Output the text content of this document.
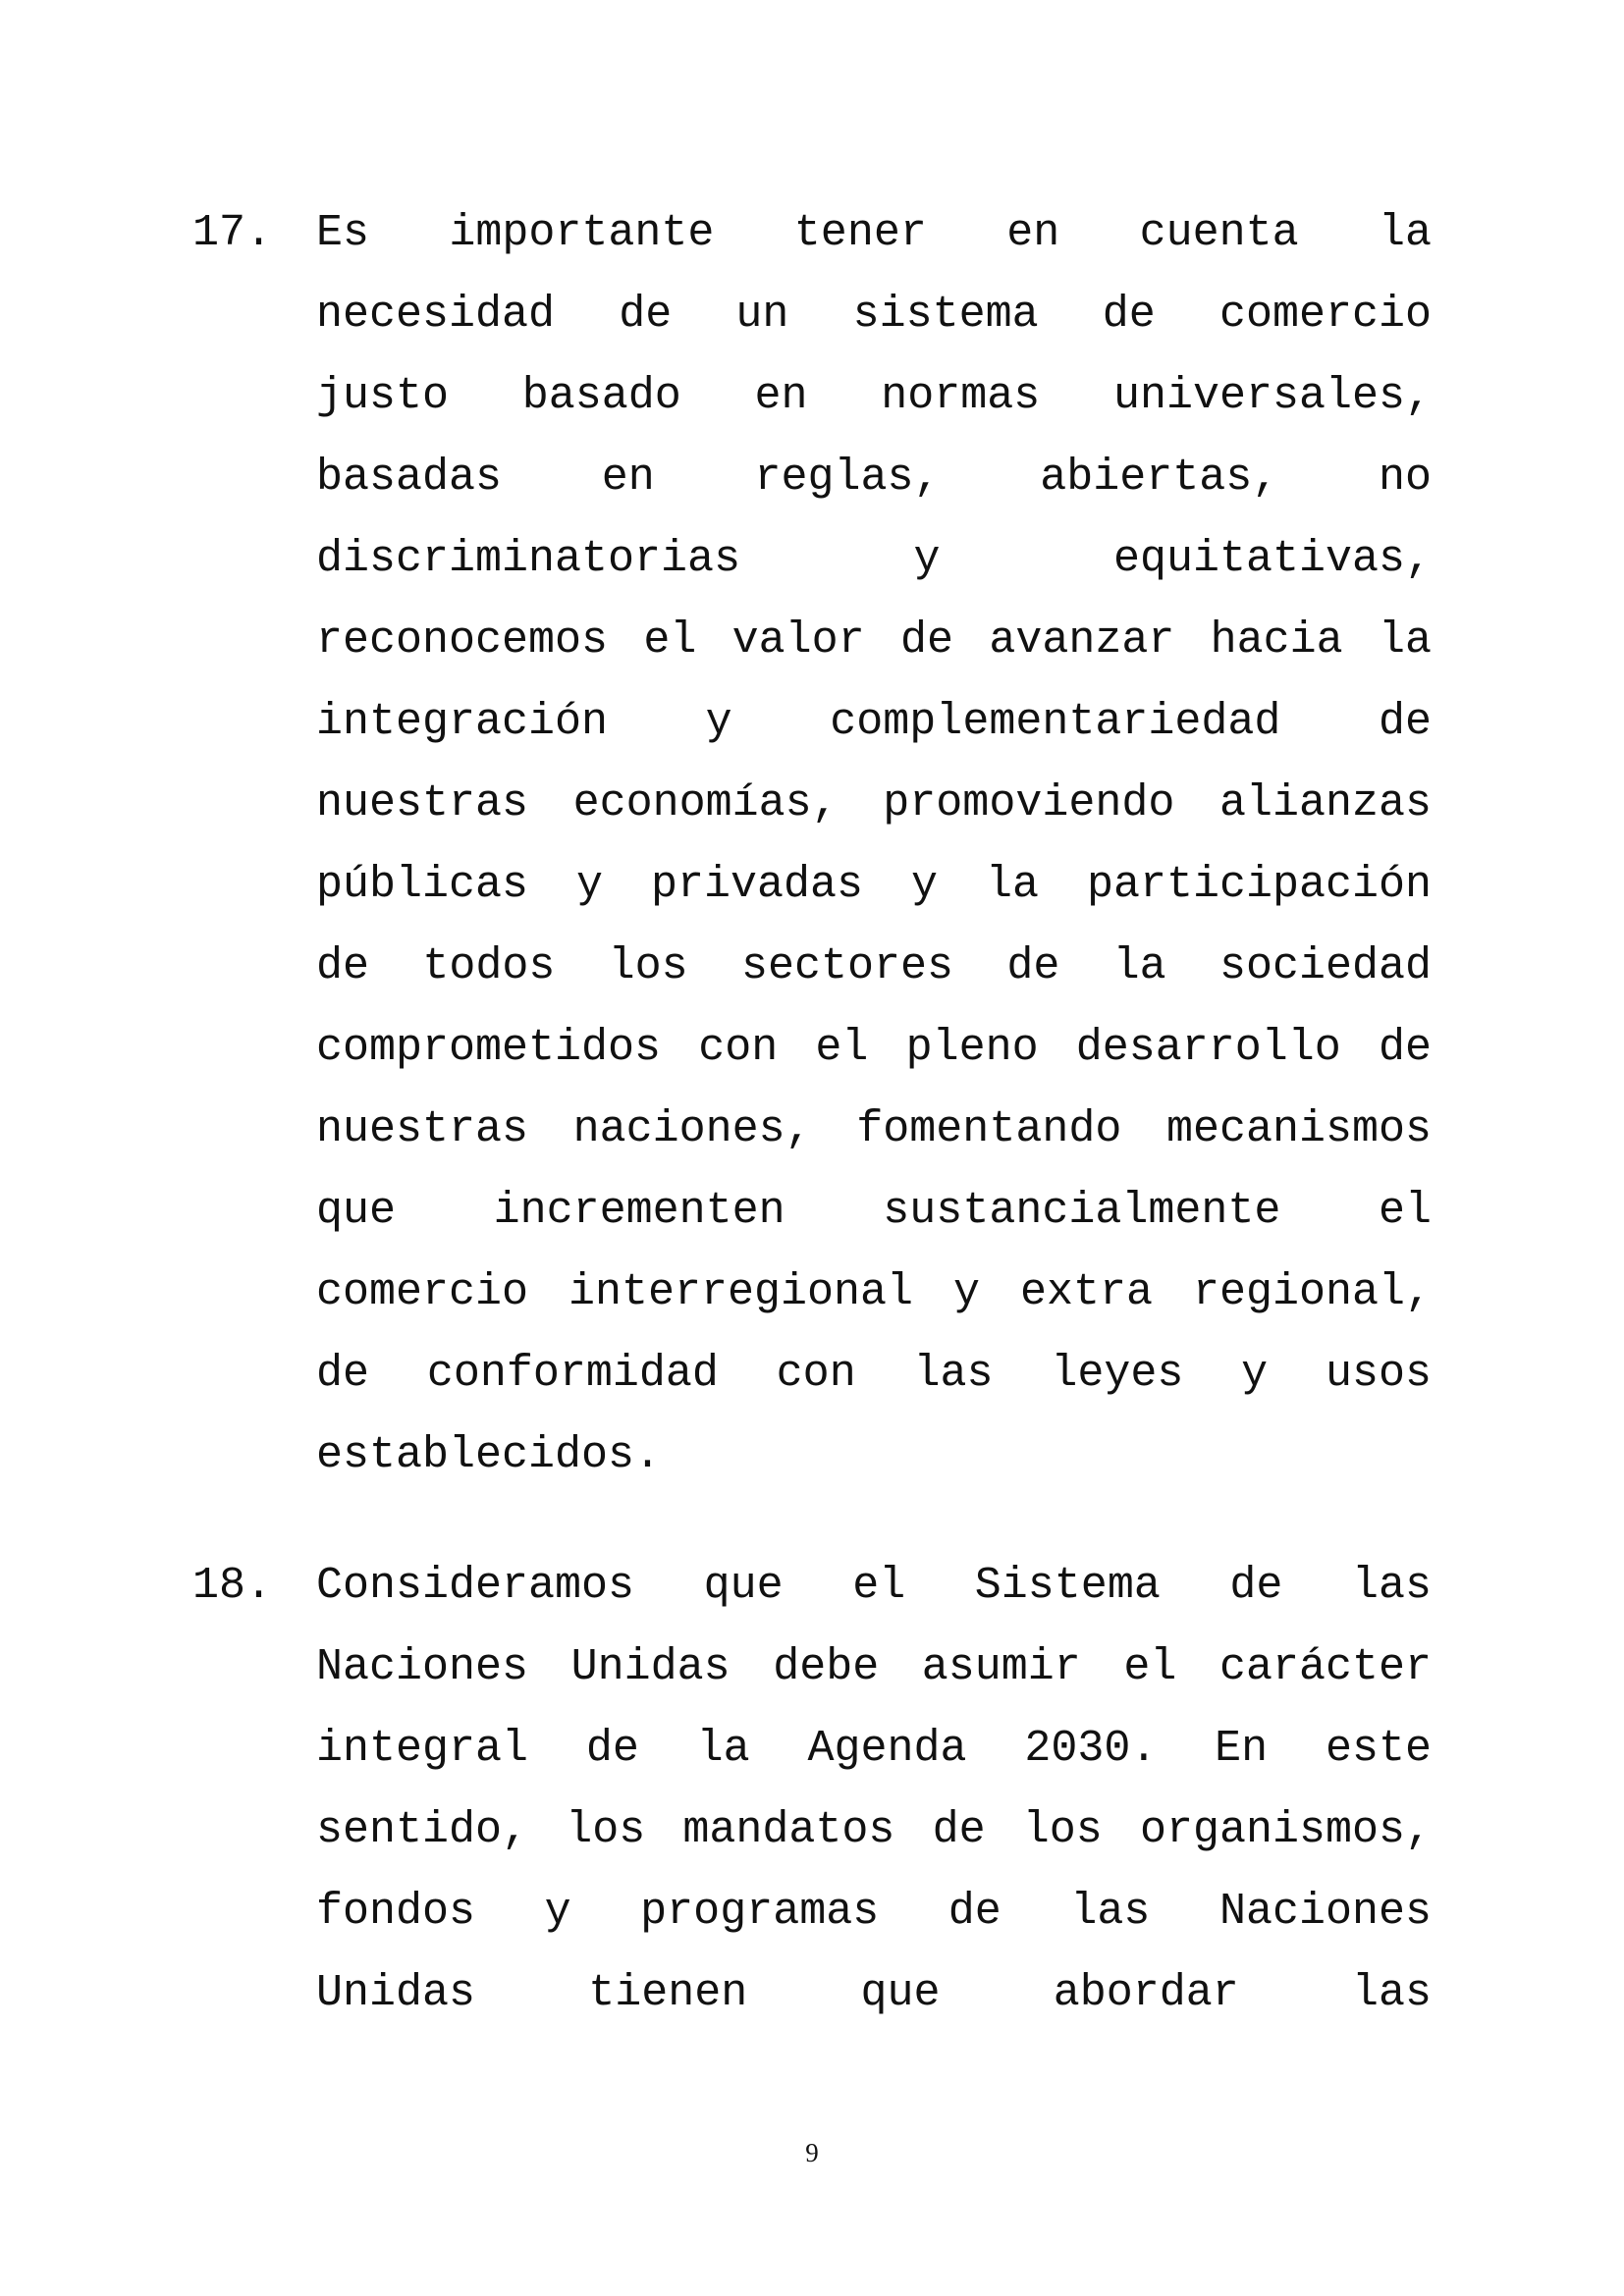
17. Es importante tener en cuenta la
necesidad de un sistema de comercio
justo basado en normas universales,
basadas en reglas, abiertas, no
discriminatorias y equitativas,
reconocemos el valor de avanzar hacia la
integración y complementariedad de
nuestras economías, promoviendo alianzas
públicas y privadas y la participación
de todos los sectores de la sociedad
comprometidos con el pleno desarrollo de
nuestras naciones, fomentando mecanismos
que incrementen sustancialmente el
comercio interregional y extra regional,
de conformidad con las leyes y usos
establecidos.
18. Consideramos que el Sistema de las
Naciones Unidas debe asumir el carácter
integral de la Agenda 2030. En este
sentido, los mandatos de los organismos,
fondos y programas de las Naciones
Unidas tienen que abordar las
9
